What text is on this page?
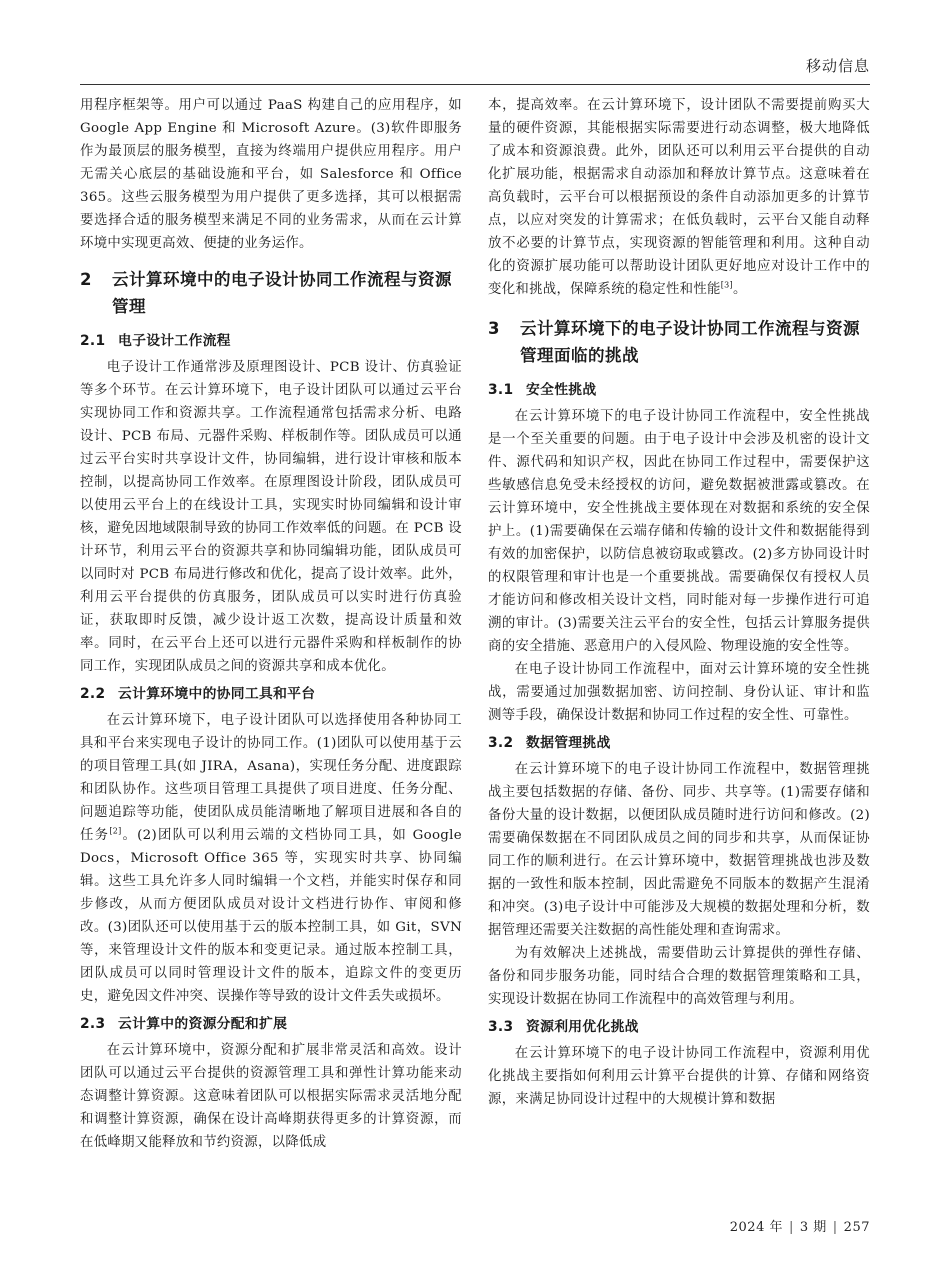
移动信息

用程序框架等。用户可以通过 PaaS 构建自己的应用程序，如 Google App Engine 和 Microsoft Azure。(3)软件即服务作为最顶层的服务模型，直接为终端用户提供应用程序。用户无需关心底层的基础设施和平台，如 Salesforce 和 Office 365。这些云服务模型为用户提供了更多选择，其可以根据需要选择合适的服务模型来满足不同的业务需求，从而在云计算环境中实现更高效、便捷的业务运作。

2 云计算环境中的电子设计协同工作流程与资源管理
2.1 电子设计工作流程

电子设计工作通常涉及原理图设计、PCB 设计、仿真验证等多个环节。在云计算环境下，电子设计团队可以通过云平台实现协同工作和资源共享。工作流程通常包括需求分析、电路设计、PCB 布局、元器件采购、样板制作等。团队成员可以通过云平台实时共享设计文件，协同编辑，进行设计审核和版本控制，以提高协同工作效率。在原理图设计阶段，团队成员可以使用云平台上的在线设计工具，实现实时协同编辑和设计审核，避免因地域限制导致的协同工作效率低的问题。在 PCB 设计环节，利用云平台的资源共享和协同编辑功能，团队成员可以同时对 PCB 布局进行修改和优化，提高了设计效率。此外，利用云平台提供的仿真服务，团队成员可以实时进行仿真验证，获取即时反馈，减少设计返工次数，提高设计质量和效率。同时，在云平台上还可以进行元器件采购和样板制作的协同工作，实现团队成员之间的资源共享和成本优化。

2.2 云计算环境中的协同工具和平台

在云计算环境下，电子设计团队可以选择使用各种协同工具和平台来实现电子设计的协同工作。(1)团队可以使用基于云的项目管理工具(如 JIRA，Asana)，实现任务分配、进度跟踪和团队协作。这些项目管理工具提供了项目进度、任务分配、问题追踪等功能，使团队成员能清晰地了解项目进展和各自的任务[2]。(2)团队可以利用云端的文档协同工具，如 Google Docs，Microsoft Office 365 等，实现实时共享、协同编辑。这些工具允许多人同时编辑一个文档，并能实时保存和同步修改，从而方便团队成员对设计文档进行协作、审阅和修改。(3)团队还可以使用基于云的版本控制工具，如 Git，SVN 等，来管理设计文件的版本和变更记录。通过版本控制工具，团队成员可以同时管理设计文件的版本，追踪文件的变更历史，避免因文件冲突、误操作等导致的设计文件丢失或损坏。

2.3 云计算中的资源分配和扩展

在云计算环境中，资源分配和扩展非常灵活和高效。设计团队可以通过云平台提供的资源管理工具和弹性计算功能来动态调整计算资源。这意味着团队可以根据实际需求灵活地分配和调整计算资源，确保在设计高峰期获得更多的计算资源，而在低峰期又能释放和节约资源，以降低成

本，提高效率。在云计算环境下，设计团队不需要提前购买大量的硬件资源，其能根据实际需要进行动态调整，极大地降低了成本和资源浪费。此外，团队还可以利用云平台提供的自动化扩展功能，根据需求自动添加和释放计算节点。这意味着在高负载时，云平台可以根据预设的条件自动添加更多的计算节点，以应对突发的计算需求；在低负载时，云平台又能自动释放不必要的计算节点，实现资源的智能管理和利用。这种自动化的资源扩展功能可以帮助设计团队更好地应对设计工作中的变化和挑战，保障系统的稳定性和性能[3]。

3 云计算环境下的电子设计协同工作流程与资源管理面临的挑战
3.1 安全性挑战

在云计算环境下的电子设计协同工作流程中，安全性挑战是一个至关重要的问题。由于电子设计中会涉及机密的设计文件、源代码和知识产权，因此在协同工作过程中，需要保护这些敏感信息免受未经授权的访问，避免数据被泄露或篡改。在云计算环境中，安全性挑战主要体现在对数据和系统的安全保护上。(1)需要确保在云端存储和传输的设计文件和数据能得到有效的加密保护，以防信息被窃取或篡改。(2)多方协同设计时的权限管理和审计也是一个重要挑战。需要确保仅有授权人员才能访问和修改相关设计文档，同时能对每一步操作进行可追溯的审计。(3)需要关注云平台的安全性，包括云计算服务提供商的安全措施、恶意用户的入侵风险、物理设施的安全性等。

在电子设计协同工作流程中，面对云计算环境的安全性挑战，需要通过加强数据加密、访问控制、身份认证、审计和监测等手段，确保设计数据和协同工作过程的安全性、可靠性。

3.2 数据管理挑战

在云计算环境下的电子设计协同工作流程中，数据管理挑战主要包括数据的存储、备份、同步、共享等。(1)需要存储和备份大量的设计数据，以便团队成员随时进行访问和修改。(2)需要确保数据在不同团队成员之间的同步和共享，从而保证协同工作的顺利进行。在云计算环境中，数据管理挑战也涉及数据的一致性和版本控制，因此需避免不同版本的数据产生混淆和冲突。(3)电子设计中可能涉及大规模的数据处理和分析，数据管理还需要关注数据的高性能处理和查询需求。

为有效解决上述挑战，需要借助云计算提供的弹性存储、备份和同步服务功能，同时结合合理的数据管理策略和工具，实现设计数据在协同工作流程中的高效管理与利用。

3.3 资源利用优化挑战

在云计算环境下的电子设计协同工作流程中，资源利用优化挑战主要指如何利用云计算平台提供的计算、存储和网络资源，来满足协同设计过程中的大规模计算和数据

2024 年 | 3 期 | 257
